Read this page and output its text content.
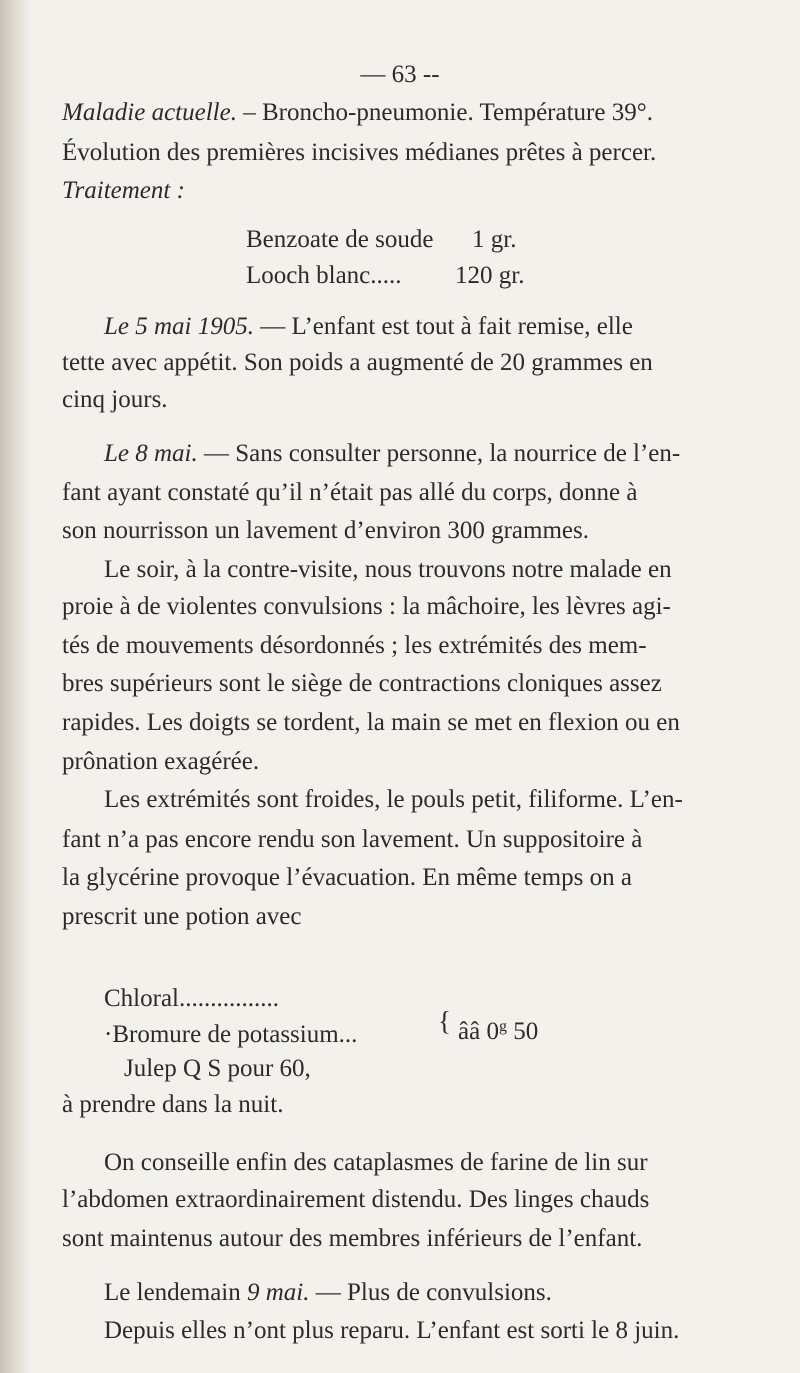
— 63 --
Maladie actuelle. – Broncho-pneumonie. Température 39°.
Évolution des premières incisives médianes prêtes à percer.
Traitement :
Benzoate de soude 1 gr.
Looch blanc..... 120 gr.
Le 5 mai 1905. — L’enfant est tout à fait remise, elle
tette avec appétit. Son poids a augmenté de 20 grammes en
cinq jours.
Le 8 mai. — Sans consulter personne, la nourrice de l’en-
fant ayant constaté qu’il n’était pas allé du corps, donne à
son nourrisson un lavement d’environ 300 grammes.
Le soir, à la contre-visite, nous trouvons notre malade en
proie à de violentes convulsions : la mâchoire, les lèvres agi-
tés de mouvements désordonnés ; les extrémités des mem-
bres supérieurs sont le siège de contractions cloniques assez
rapides. Les doigts se tordent, la main se met en flexion ou en
prônation exagérée.
Les extrémités sont froides, le pouls petit, filiforme. L’en-
fant n’a pas encore rendu son lavement. Un suppositoire à
la glycérine provoque l’évacuation. En même temps on a
prescrit une potion avec
Chloral................
·Bromure de potassium...	{ ââ 0$^g$ 50
Julep Q S pour 60,
à prendre dans la nuit.
On conseille enfin des cataplasmes de farine de lin sur
l’abdomen extraordinairement distendu. Des linges chauds
sont maintenus autour des membres inférieurs de l’enfant.
Le lendemain 9 mai. — Plus de convulsions.
Depuis elles n’ont plus reparu. L’enfant est sorti le 8 juin.
